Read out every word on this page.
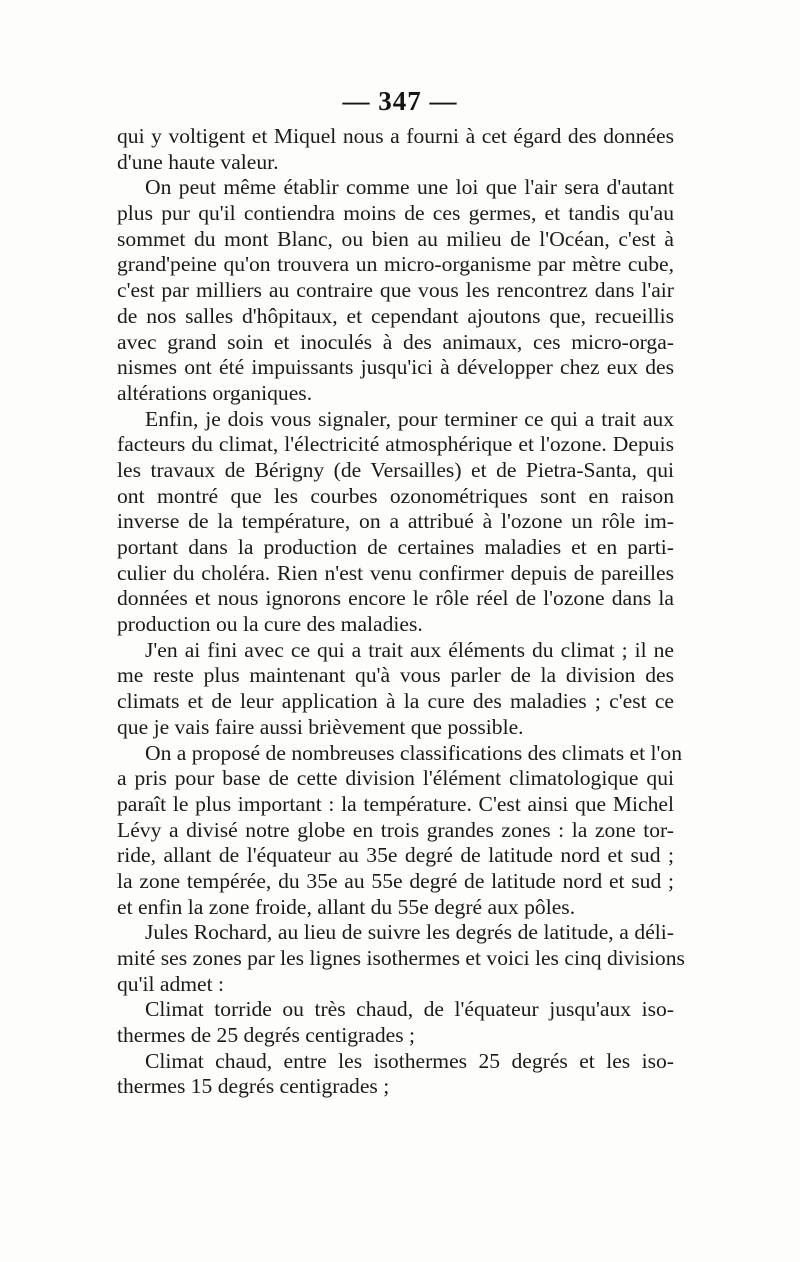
— 347 —
qui y voltigent et Miquel nous a fourni à cet égard des données
d'une haute valeur.
On peut même établir comme une loi que l'air sera d'autant
plus pur qu'il contiendra moins de ces germes, et tandis qu'au
sommet du mont Blanc, ou bien au milieu de l'Océan, c'est à
grand'peine qu'on trouvera un micro-organisme par mètre cube,
c'est par milliers au contraire que vous les rencontrez dans l'air
de nos salles d'hôpitaux, et cependant ajoutons que, recueillis
avec grand soin et inoculés à des animaux, ces micro-orga-
nismes ont été impuissants jusqu'ici à développer chez eux des
altérations organiques.
Enfin, je dois vous signaler, pour terminer ce qui a trait aux
facteurs du climat, l'électricité atmosphérique et l'ozone. Depuis
les travaux de Bérigny (de Versailles) et de Pietra-Santa, qui
ont montré que les courbes ozonométriques sont en raison
inverse de la température, on a attribué à l'ozone un rôle im-
portant dans la production de certaines maladies et en parti-
culier du choléra. Rien n'est venu confirmer depuis de pareilles
données et nous ignorons encore le rôle réel de l'ozone dans la
production ou la cure des maladies.
J'en ai fini avec ce qui a trait aux éléments du climat ; il ne
me reste plus maintenant qu'à vous parler de la division des
climats et de leur application à la cure des maladies ; c'est ce
que je vais faire aussi brièvement que possible.
On a proposé de nombreuses classifications des climats et l'on
a pris pour base de cette division l'élément climatologique qui
paraît le plus important : la température. C'est ainsi que Michel
Lévy a divisé notre globe en trois grandes zones : la zone tor-
ride, allant de l'équateur au 35e degré de latitude nord et sud ;
la zone tempérée, du 35e au 55e degré de latitude nord et sud ;
et enfin la zone froide, allant du 55e degré aux pôles.
Jules Rochard, au lieu de suivre les degrés de latitude, a déli-
mité ses zones par les lignes isothermes et voici les cinq divisions
qu'il admet :
Climat torride ou très chaud, de l'équateur jusqu'aux iso-
thermes de 25 degrés centigrades ;
Climat chaud, entre les isothermes 25 degrés et les iso-
thermes 15 degrés centigrades ;
